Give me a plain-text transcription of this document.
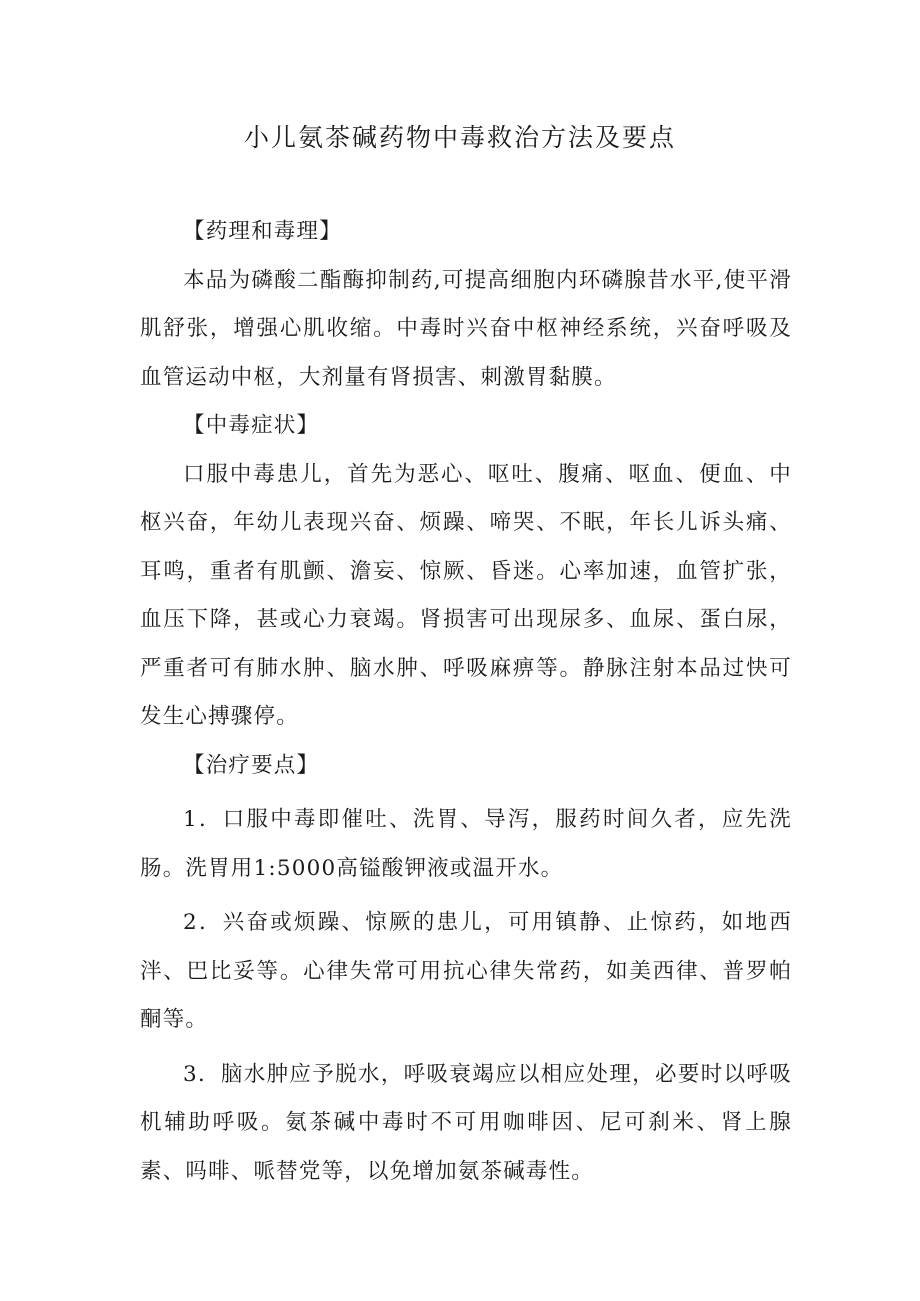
小儿氨茶碱药物中毒救治方法及要点

【药理和毒理】

本品为磷酸二酯酶抑制药,可提高细胞内环磷腺昔水平,使平滑肌舒张，增强心肌收缩。中毒时兴奋中枢神经系统，兴奋呼吸及血管运动中枢，大剂量有肾损害、刺激胃黏膜。

【中毒症状】

口服中毒患儿，首先为恶心、呕吐、腹痛、呕血、便血、中枢兴奋，年幼儿表现兴奋、烦躁、啼哭、不眠，年长儿诉头痛、耳鸣，重者有肌颤、澹妄、惊厥、昏迷。心率加速，血管扩张，血压下降，甚或心力衰竭。肾损害可出现尿多、血尿、蛋白尿，严重者可有肺水肿、脑水肿、呼吸麻痹等。静脉注射本品过快可发生心搏骤停。

【治疗要点】

1．口服中毒即催吐、洗胃、导泻，服药时间久者，应先洗肠。洗胃用1:5000高镒酸钾液或温开水。

2．兴奋或烦躁、惊厥的患儿，可用镇静、止惊药，如地西泮、巴比妥等。心律失常可用抗心律失常药，如美西律、普罗帕酮等。

3．脑水肿应予脱水，呼吸衰竭应以相应处理，必要时以呼吸机辅助呼吸。氨茶碱中毒时不可用咖啡因、尼可刹米、肾上腺素、吗啡、哌替党等，以免增加氨茶碱毒性。
